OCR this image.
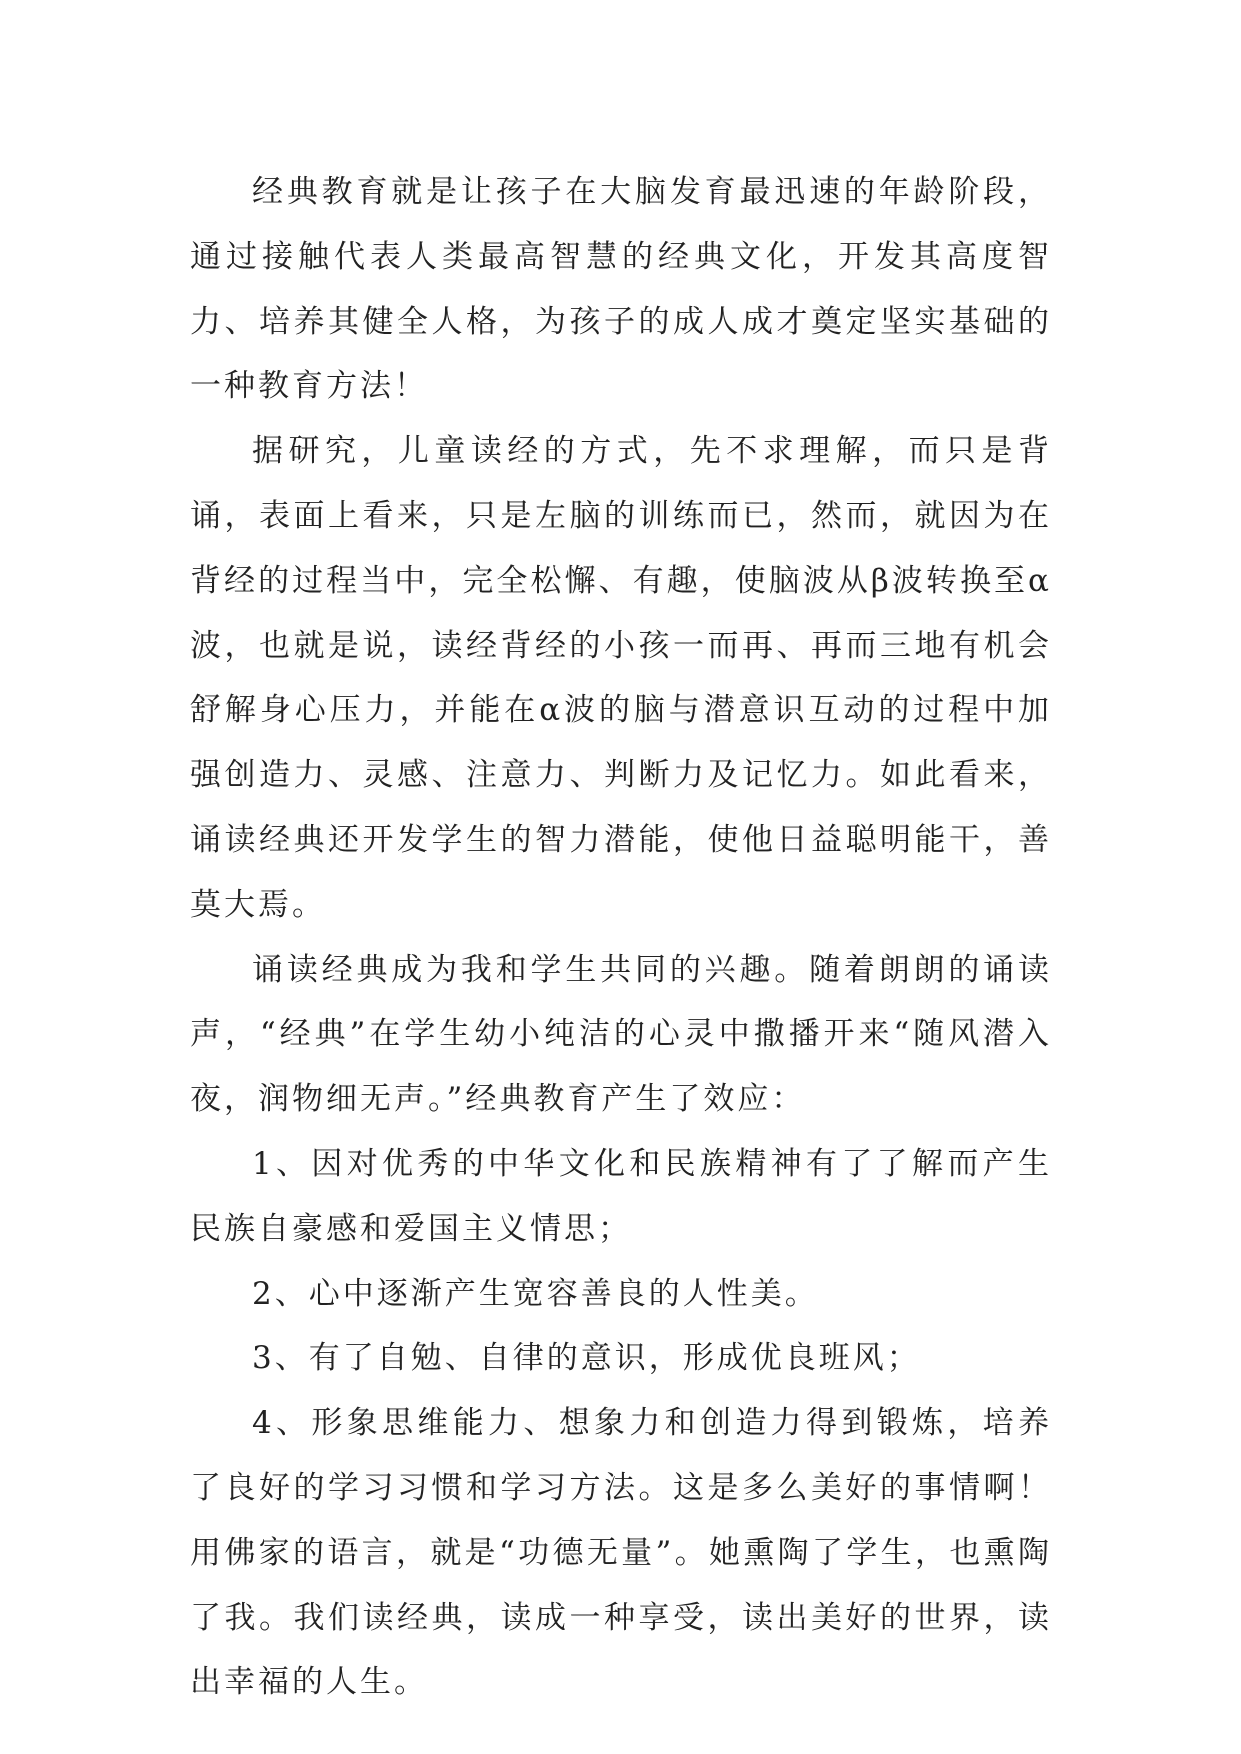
经典教育就是让孩子在大脑发育最迅速的年龄阶段，通过接触代表人类最高智慧的经典文化，开发其高度智力、培养其健全人格，为孩子的成人成才奠定坚实基础的一种教育方法！

据研究，儿童读经的方式，先不求理解，而只是背诵，表面上看来，只是左脑的训练而已，然而，就因为在背经的过程当中，完全松懈、有趣，使脑波从β波转换至α波，也就是说，读经背经的小孩一而再、再而三地有机会舒解身心压力，并能在α波的脑与潜意识互动的过程中加强创造力、灵感、注意力、判断力及记忆力。如此看来，诵读经典还开发学生的智力潜能，使他日益聪明能干，善莫大焉。

诵读经典成为我和学生共同的兴趣。随着朗朗的诵读声，“经典”在学生幼小纯洁的心灵中撒播开来“随风潜入夜，润物细无声。”经典教育产生了效应：

1、因对优秀的中华文化和民族精神有了了解而产生民族自豪感和爱国主义情思；

2、心中逐渐产生宽容善良的人性美。

3、有了自勉、自律的意识，形成优良班风；

4、形象思维能力、想象力和创造力得到锻炼，培养了良好的学习习惯和学习方法。这是多么美好的事情啊！用佛家的语言，就是“功德无量”。她熏陶了学生，也熏陶了我。我们读经典，读成一种享受，读出美好的世界，读出幸福的人生。
